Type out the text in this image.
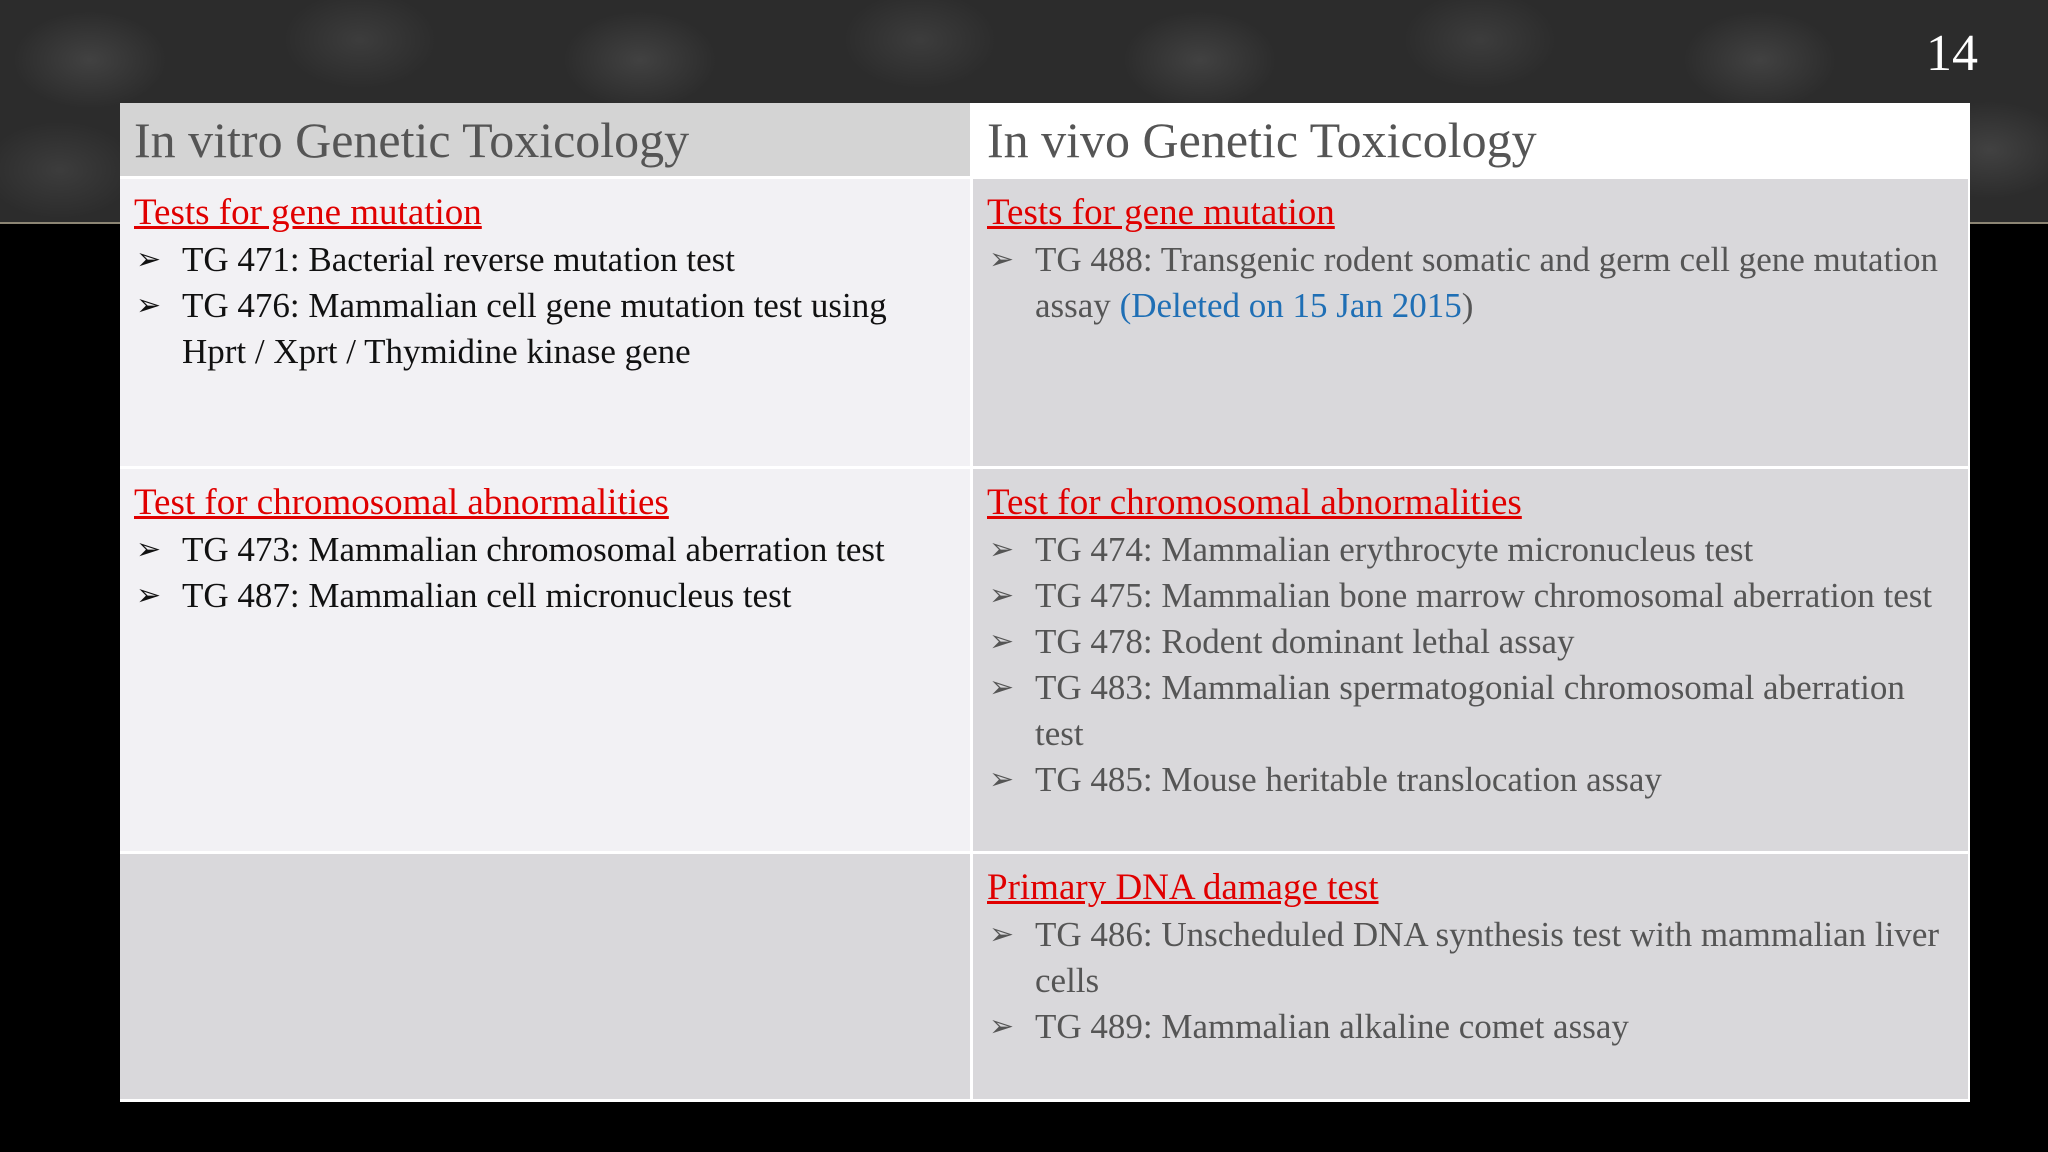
14
In vitro Genetic Toxicology	In vivo Genetic Toxicology
Tests for gene mutation
➢ TG 471: Bacterial reverse mutation test
➢ TG 476: Mammalian cell gene mutation test using Hprt / Xprt / Thymidine kinase gene
Tests for gene mutation
➢ TG 488: Transgenic rodent somatic and germ cell gene mutation assay (Deleted on 15 Jan 2015)
Test for chromosomal abnormalities
➢ TG 473: Mammalian chromosomal aberration test
➢ TG 487: Mammalian cell micronucleus test
Test for chromosomal abnormalities
➢ TG 474: Mammalian erythrocyte micronucleus test
➢ TG 475: Mammalian bone marrow chromosomal aberration test
➢ TG 478: Rodent dominant lethal assay
➢ TG 483: Mammalian spermatogonial chromosomal aberration test
➢ TG 485: Mouse heritable translocation assay
Primary DNA damage test
➢ TG 486: Unscheduled DNA synthesis test with mammalian liver cells
➢ TG 489: Mammalian alkaline comet assay
